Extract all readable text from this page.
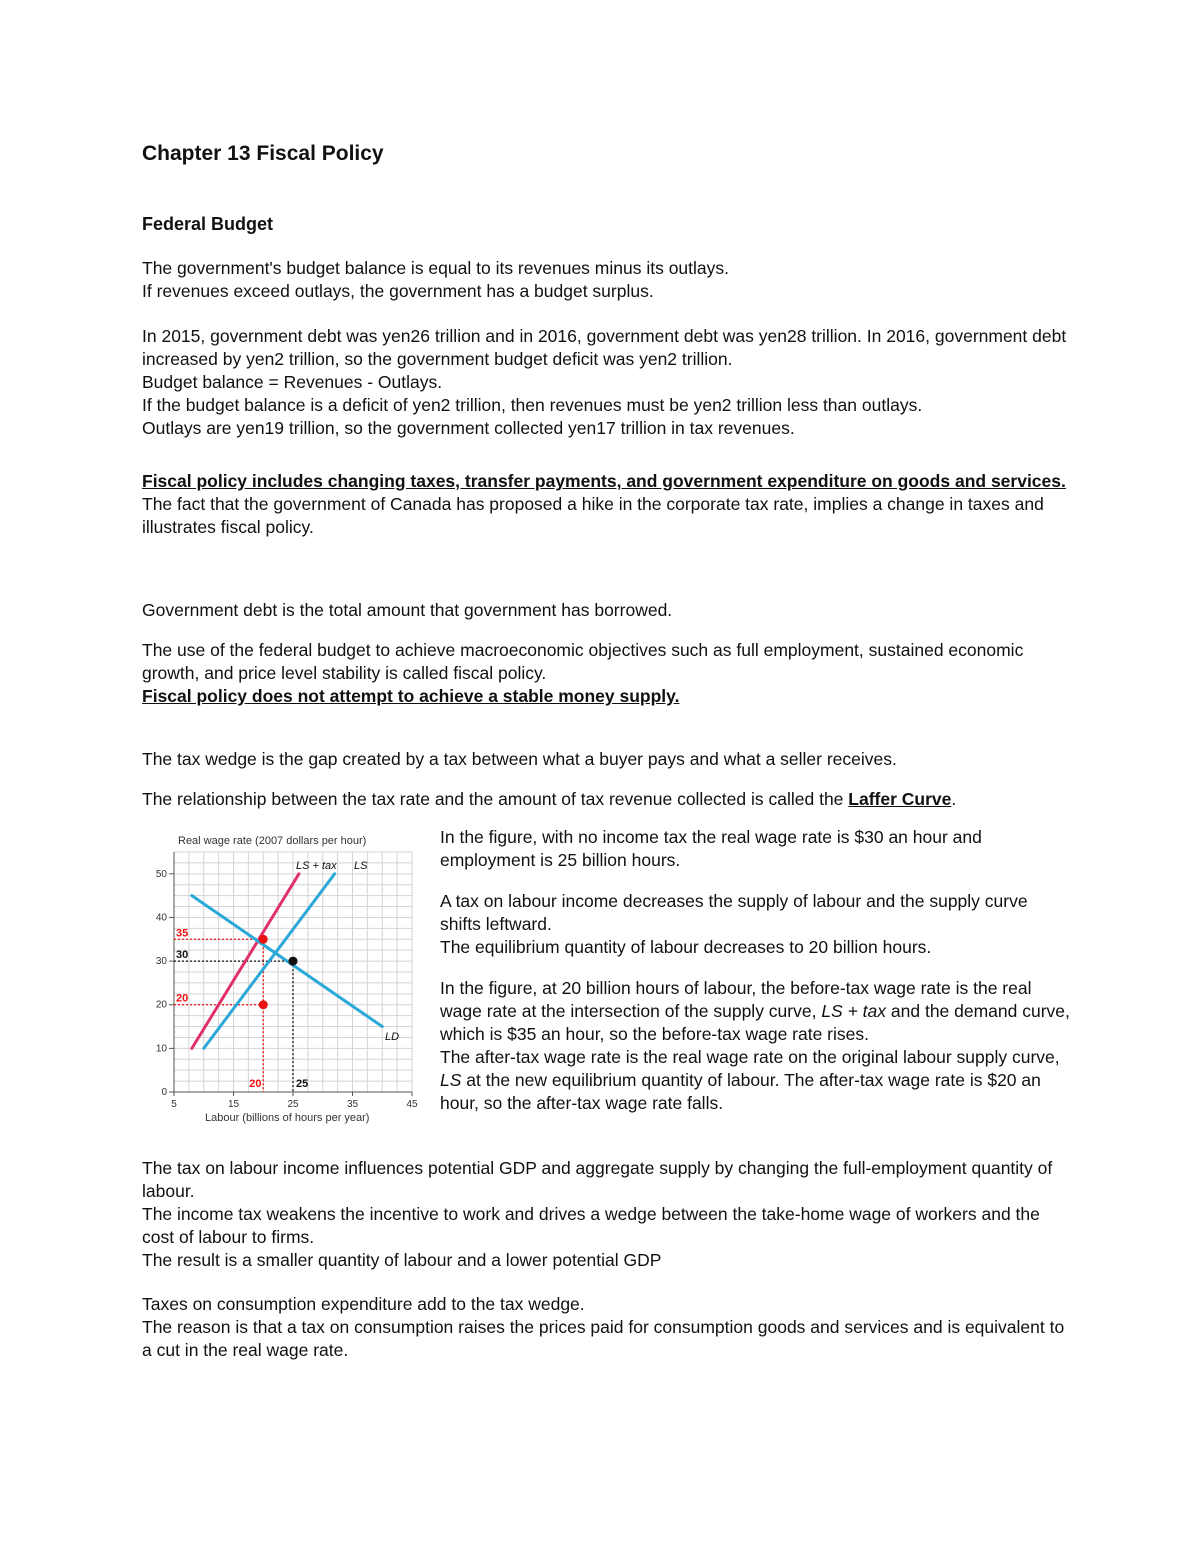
Chapter 13 Fiscal Policy
Federal Budget

The government's budget balance is equal to its revenues minus its outlays.

If revenues exceed outlays, the government has a budget surplus.

In 2015, government debt was yen26 trillion and in 2016, government debt was yen28 trillion. In 2016, government debt increased by yen2 trillion, so the government budget deficit was yen2 trillion.

Budget balance = Revenues - Outlays.

If the budget balance is a deficit of yen2 trillion, then revenues must be yen2 trillion less than outlays.

Outlays are yen19 trillion, so the government collected yen17 trillion in tax revenues.

Fiscal policy includes changing taxes, transfer payments, and government expenditure on goods and services.

The fact that the government of Canada has proposed a hike in the corporate tax rate, implies a change in taxes and illustrates fiscal policy.

Government debt is the total amount that government has borrowed.

The use of the federal budget to achieve macroeconomic objectives such as full employment, sustained economic growth, and price level stability is called fiscal policy.

Fiscal policy does not attempt to achieve a stable money supply.

The tax wedge is the gap created by a tax between what a buyer pays and what a seller receives.

The relationship between the tax rate and the amount of tax revenue collected is called the Laffer Curve.

Real wage rate (2007 dollars per hour)
Labour (billions of hours per year)
0
10
20
30
40
50
5	15	25	35	45
35
30
20
20	25
LS + tax LS
LD

In the figure, with no income tax the real wage rate is $30 an hour and employment is 25 billion hours.

A tax on labour income decreases the supply of labour and the supply curve shifts leftward.

The equilibrium quantity of labour decreases to 20 billion hours.

In the figure, at 20 billion hours of labour, the before-tax wage rate is the real wage rate at the intersection of the supply curve, LS + tax and the demand curve, which is $35 an hour, so the before-tax wage rate rises.

The after-tax wage rate is the real wage rate on the original labour supply curve, LS at the new equilibrium quantity of labour. The after-tax wage rate is $20 an hour, so the after-tax wage rate falls.

The tax on labour income influences potential GDP and aggregate supply by changing the full-employment quantity of labour.

The income tax weakens the incentive to work and drives a wedge between the take-home wage of workers and the cost of labour to firms.

The result is a smaller quantity of labour and a lower potential GDP

Taxes on consumption expenditure add to the tax wedge.

The reason is that a tax on consumption raises the prices paid for consumption goods and services and is equivalent to a cut in the real wage rate.
